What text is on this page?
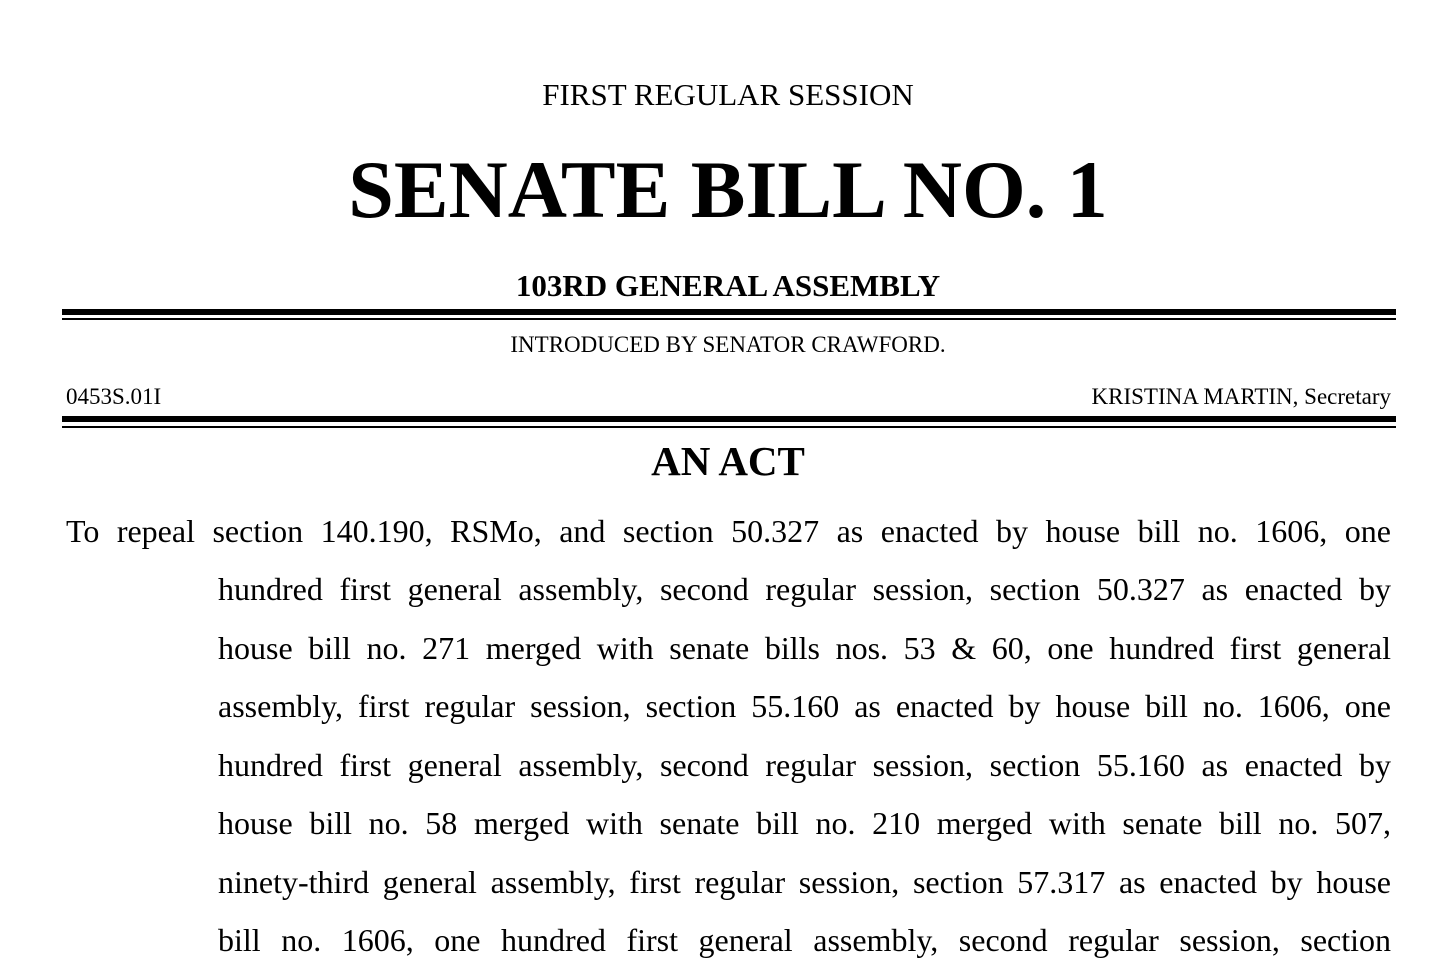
FIRST REGULAR SESSION
SENATE BILL NO. 1
103RD GENERAL ASSEMBLY
INTRODUCED BY SENATOR CRAWFORD.
0453S.01I	KRISTINA MARTIN, Secretary
AN ACT
To repeal section 140.190, RSMo, and section 50.327 as enacted by house bill no. 1606, one
hundred first general assembly, second regular session, section 50.327 as enacted by
house bill no. 271 merged with senate bills nos. 53 & 60, one hundred first general
assembly, first regular session, section 55.160 as enacted by house bill no. 1606, one
hundred first general assembly, second regular session, section 55.160 as enacted by
house bill no. 58 merged with senate bill no. 210 merged with senate bill no. 507,
ninety-third general assembly, first regular session, section 57.317 as enacted by house
bill no. 1606, one hundred first general assembly, second regular session, section
